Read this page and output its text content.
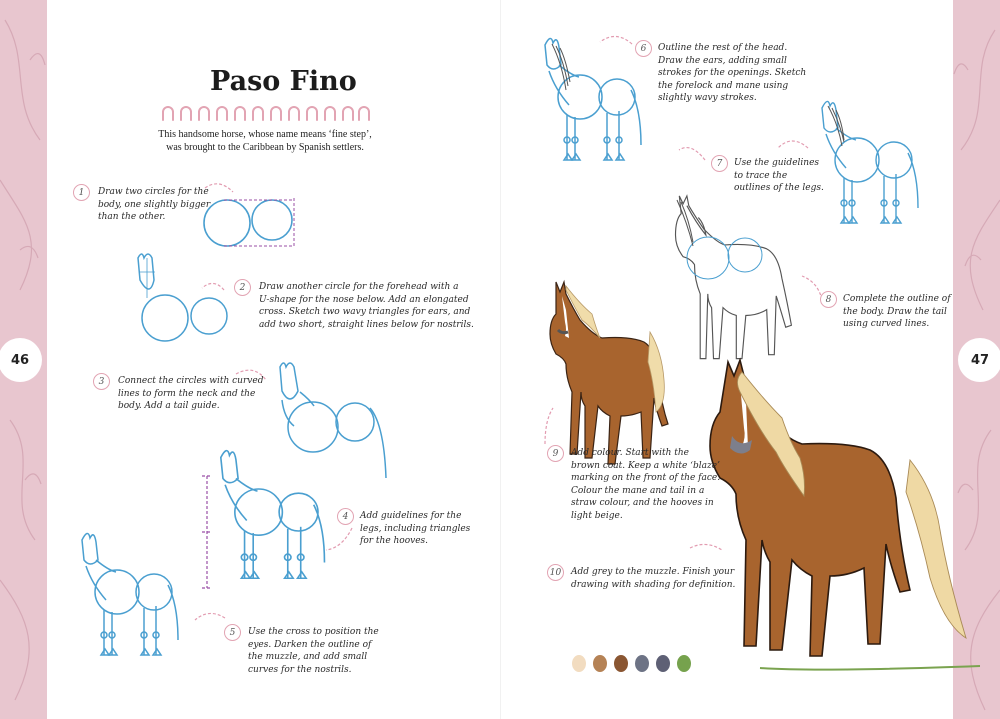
46	47
Paso Fino
This handsome horse, whose name means ‘fine step’,
was brought to the Caribbean by Spanish settlers.
1	Draw two circles for the
body, one slightly bigger
than the other.
2	Draw another circle for the forehead with a
U-shape for the nose below. Add an elongated
cross. Sketch two wavy triangles for ears, and
add two short, straight lines below for nostrils.
3	Connect the circles with curved
lines to form the neck and the
body. Add a tail guide.
4	Add guidelines for the
legs, including triangles
for the hooves.
5	Use the cross to position the
eyes. Darken the outline of
the muzzle, and add small
curves for the nostrils.
6	Outline the rest of the head.
Draw the ears, adding small
strokes for the openings. Sketch
the forelock and mane using
slightly wavy strokes.
7	Use the guidelines
to trace the
outlines of the legs.
8	Complete the outline of
the body. Draw the tail
using curved lines.
9	Add colour. Start with the
brown coat. Keep a white ‘blaze’
marking on the front of the face.
Colour the mane and tail in a
straw colour, and the hooves in
light beige.
10	Add grey to the muzzle. Finish your
drawing with shading for definition.
